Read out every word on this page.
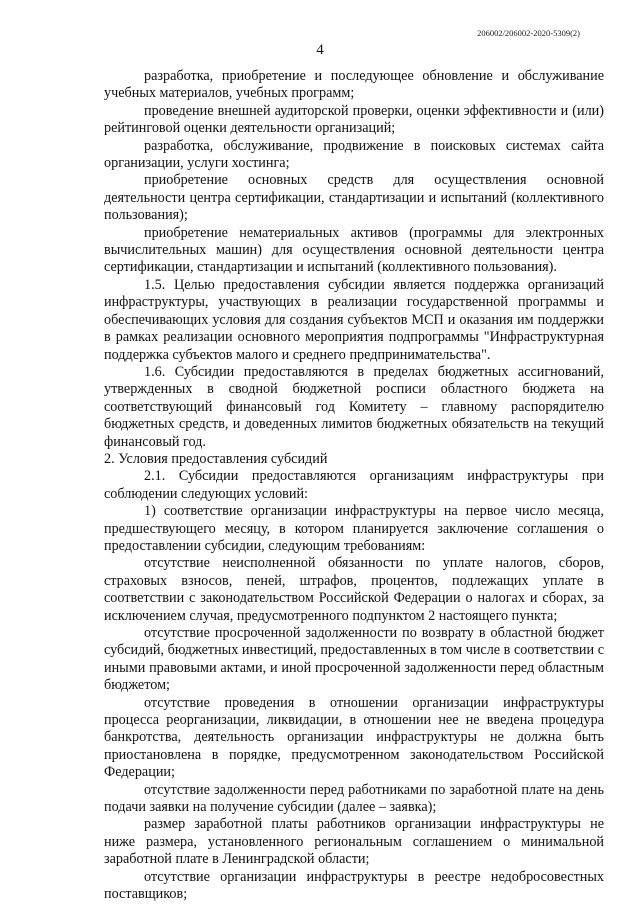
206002/206002-2020-5309(2)
4

разработка, приобретение и последующее обновление и обслуживание учебных материалов, учебных программ;

проведение внешней аудиторской проверки, оценки эффективности и (или) рейтинговой оценки деятельности организаций;

разработка, обслуживание, продвижение в поисковых системах сайта организации, услуги хостинга;

приобретение основных средств для осуществления основной деятельности центра сертификации, стандартизации и испытаний (коллективного пользования);

приобретение нематериальных активов (программы для электронных вычислительных машин) для осуществления основной деятельности центра сертификации, стандартизации и испытаний (коллективного пользования).

1.5. Целью предоставления субсидии является поддержка организаций инфраструктуры, участвующих в реализации государственной программы и обеспечивающих условия для создания субъектов МСП и оказания им поддержки в рамках реализации основного мероприятия подпрограммы "Инфраструктурная поддержка субъектов малого и среднего предпринимательства".

1.6. Субсидии предоставляются в пределах бюджетных ассигнований, утвержденных в сводной бюджетной росписи областного бюджета на соответствующий финансовый год Комитету – главному распорядителю бюджетных средств, и доведенных лимитов бюджетных обязательств на текущий финансовый год.

2. Условия предоставления субсидий

2.1. Субсидии предоставляются организациям инфраструктуры при соблюдении следующих условий:

1) соответствие организации инфраструктуры на первое число месяца, предшествующего месяцу, в котором планируется заключение соглашения о предоставлении субсидии, следующим требованиям:

отсутствие неисполненной обязанности по уплате налогов, сборов, страховых взносов, пеней, штрафов, процентов, подлежащих уплате в соответствии с законодательством Российской Федерации о налогах и сборах, за исключением случая, предусмотренного подпунктом 2 настоящего пункта;

отсутствие просроченной задолженности по возврату в областной бюджет субсидий, бюджетных инвестиций, предоставленных в том числе в соответствии с иными правовыми актами, и иной просроченной задолженности перед областным бюджетом;

отсутствие проведения в отношении организации инфраструктуры процесса реорганизации, ликвидации, в отношении нее не введена процедура банкротства, деятельность организации инфраструктуры не должна быть приостановлена в порядке, предусмотренном законодательством Российской Федерации;

отсутствие задолженности перед работниками по заработной плате на день подачи заявки на получение субсидии (далее – заявка);

размер заработной платы работников организации инфраструктуры не ниже размера, установленного региональным соглашением о минимальной заработной плате в Ленинградской области;

отсутствие организации инфраструктуры в реестре недобросовестных поставщиков;
